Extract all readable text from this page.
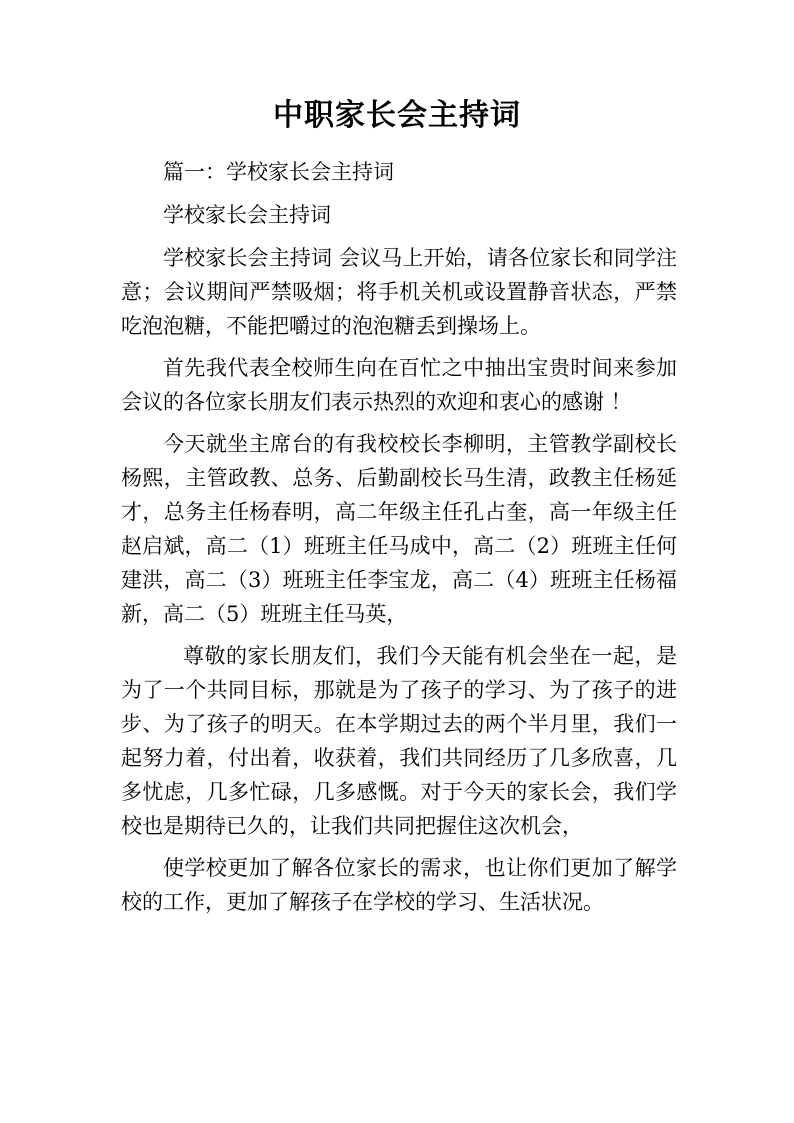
中职家长会主持词

篇一：学校家长会主持词

学校家长会主持词

学校家长会主持词 会议马上开始，请各位家长和同学注意；会议期间严禁吸烟；将手机关机或设置静音状态，严禁吃泡泡糖，不能把嚼过的泡泡糖丢到操场上。

首先我代表全校师生向在百忙之中抽出宝贵时间来参加会议的各位家长朋友们表示热烈的欢迎和衷心的感谢 ！

今天就坐主席台的有我校校长李柳明，主管教学副校长杨熙，主管政教、总务、后勤副校长马生清，政教主任杨延才，总务主任杨春明，高二年级主任孔占奎，高一年级主任赵启斌，高二（1）班班主任马成中，高二（2）班班主任何建洪，高二（3）班班主任李宝龙，高二（4）班班主任杨福新，高二（5）班班主任马英，

尊敬的家长朋友们，我们今天能有机会坐在一起，是为了一个共同目标，那就是为了孩子的学习、为了孩子的进步、为了孩子的明天。在本学期过去的两个半月里，我们一起努力着，付出着，收获着，我们共同经历了几多欣喜，几多忧虑，几多忙碌，几多感慨。对于今天的家长会，我们学校也是期待已久的，让我们共同把握住这次机会，

使学校更加了解各位家长的需求，也让你们更加了解学校的工作，更加了解孩子在学校的学习、生活状况。
